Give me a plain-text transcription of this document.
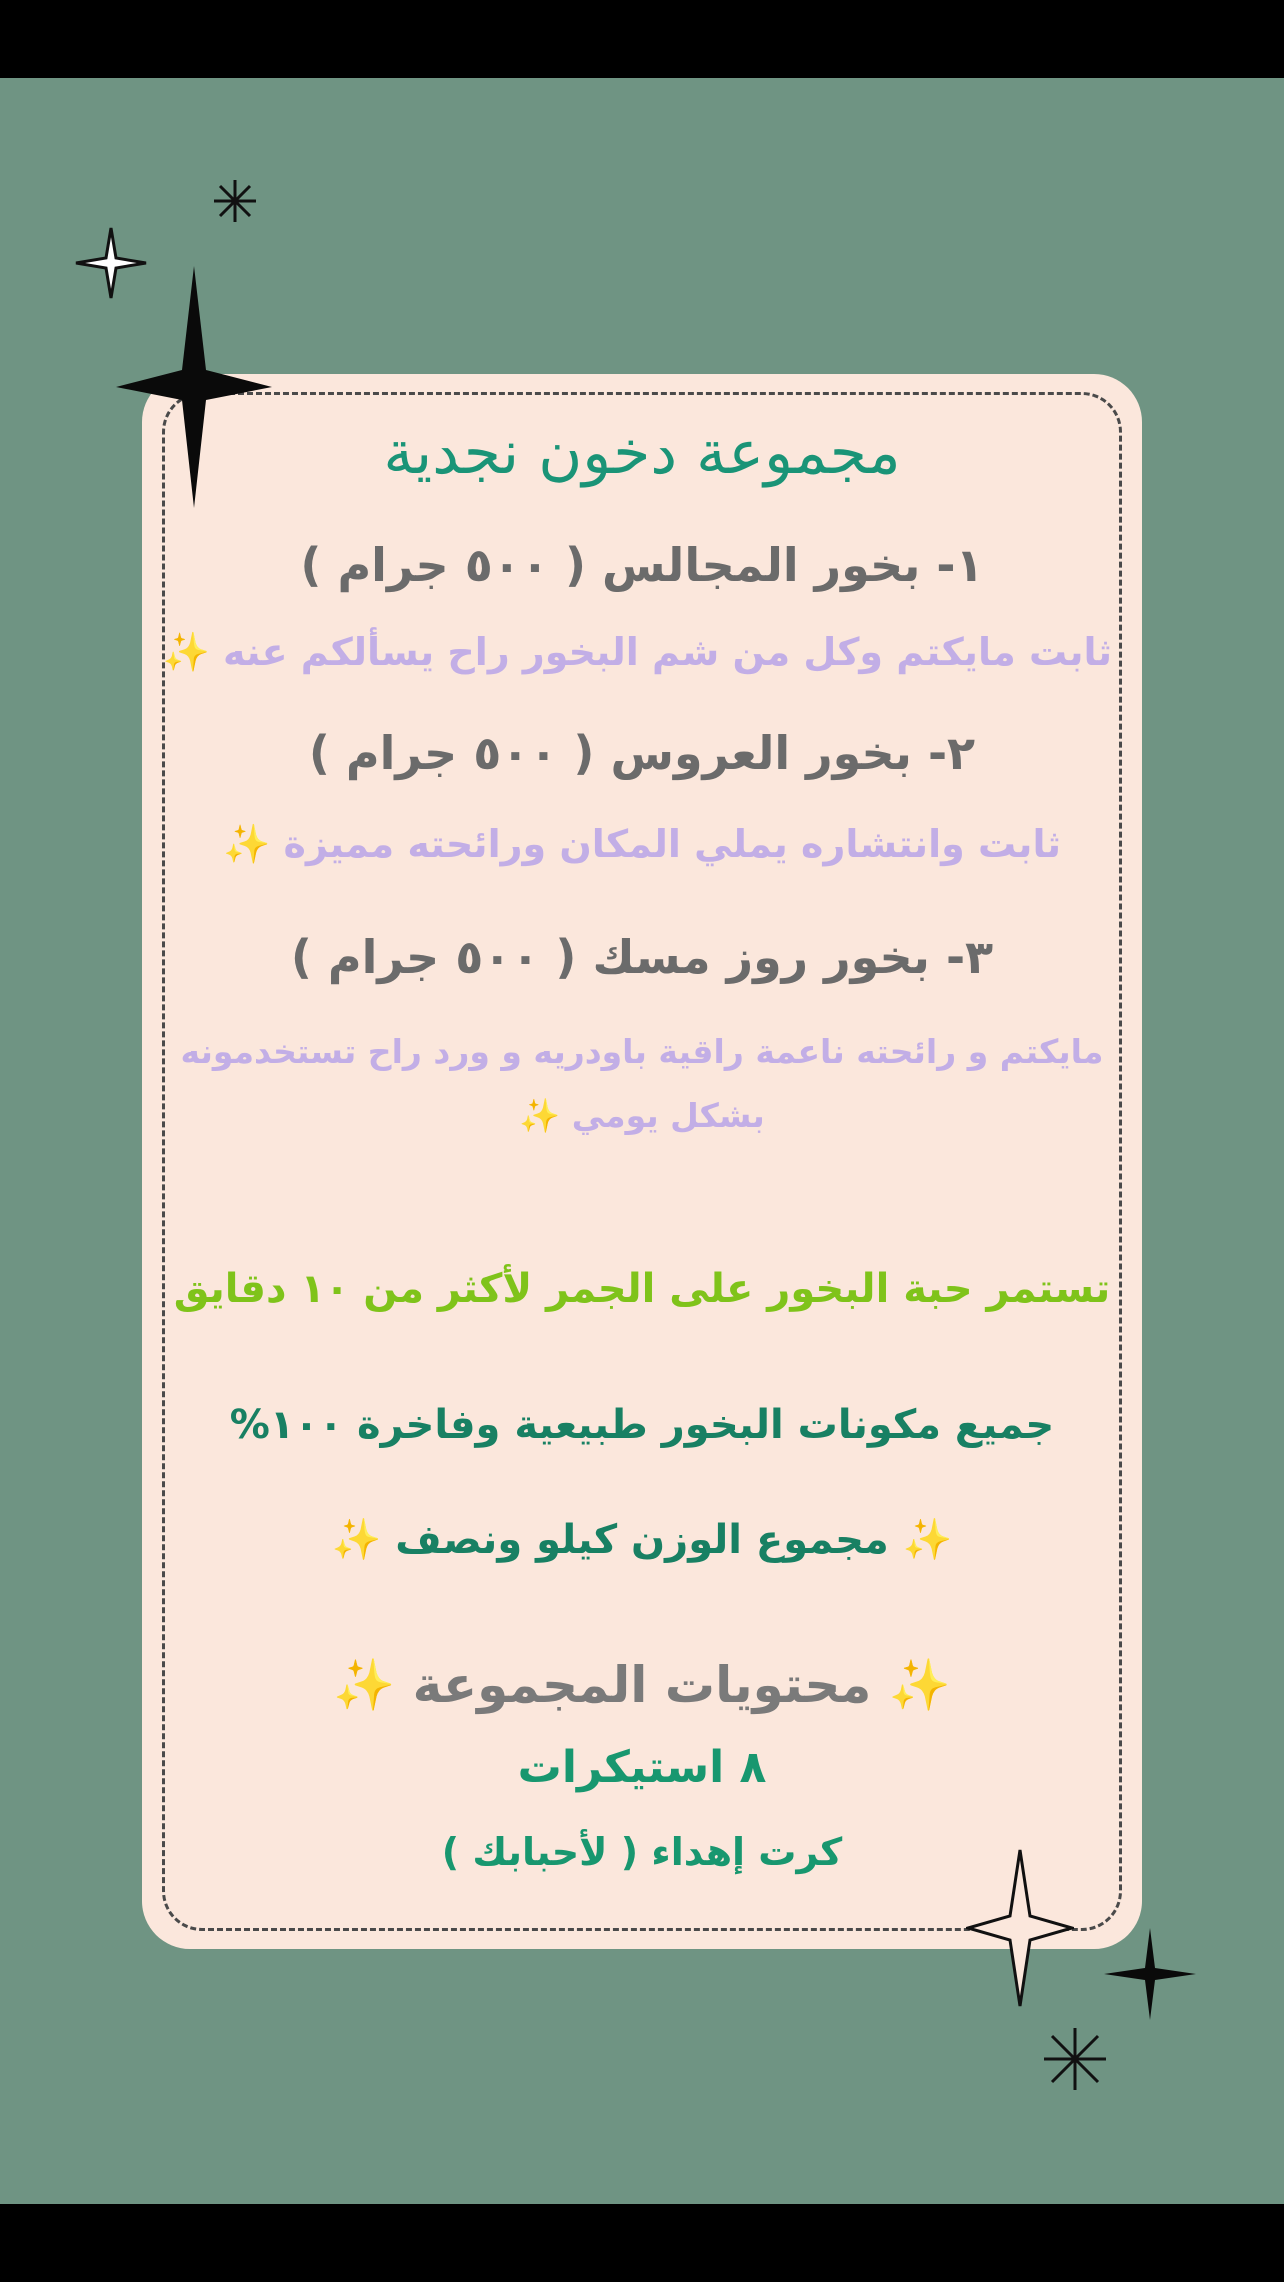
مجموعة دخون نجدية
١- بخور المجالس ( ٥٠٠ جرام )
ثابت مايكتم وكل من شم البخور راح يسألكم عنه ✨
٢- بخور العروس ( ٥٠٠ جرام )
ثابت وانتشاره يملي المكان ورائحته مميزة ✨
٣- بخور روز مسك ( ٥٠٠ جرام )
مايكتم و رائحته ناعمة راقية باودريه و ورد راح تستخدمونه
بشكل يومي ✨
تستمر حبة البخور على الجمر لأكثر من ١٠ دقايق
جميع مكونات البخور طبيعية وفاخرة ١٠٠%
✨ مجموع الوزن كيلو ونصف ✨
✨ محتويات المجموعة ✨
٨ استيكرات
كرت إهداء ( لأحبابك )
